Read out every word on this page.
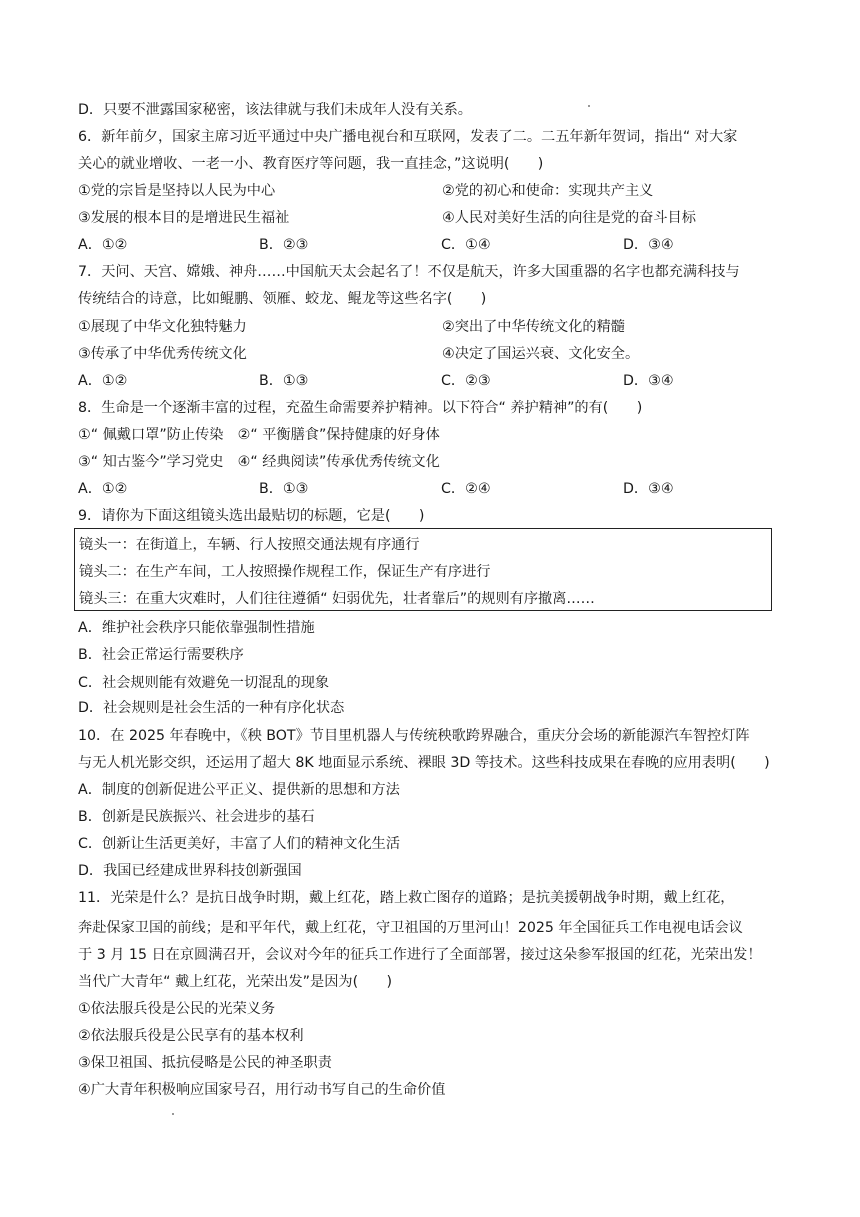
D．只要不泄露国家秘密，该法律就与我们未成年人没有关系。
6．新年前夕，国家主席习近平通过中央广播电视台和互联网，发表了二。二五年新年贺词，指出“ 对大家
关心的就业增收、一老一小、教育医疗等问题，我一直挂念，”这说明(　　)
①党的宗旨是坚持以人民为中心	②党的初心和使命：实现共产主义
③发展的根本目的是增进民生福祉	④人民对美好生活的向往是党的奋斗目标
A．①②	B．②③	C．①④	D．③④
7．天问、天宫、嫦娥、神舟……中国航天太会起名了！不仅是航天，许多大国重器的名字也都充满科技与
传统结合的诗意，比如鲲鹏、领雁、蛟龙、鲲龙等这些名字(　　)
①展现了中华文化独特魅力	②突出了中华传统文化的精髓
③传承了中华优秀传统文化	④决定了国运兴衰、文化安全。
A．①②	B．①③	C．②③	D．③④
8．生命是一个逐渐丰富的过程，充盈生命需要养护精神。以下符合“ 养护精神”的有(　　)
①“ 佩戴口罩”防止传染　②“ 平衡膳食”保持健康的好身体
③“ 知古鉴今”学习党史　④“ 经典阅读”传承优秀传统文化
A．①②	B．①③	C．②④	D．③④
9．请你为下面这组镜头选出最贴切的标题，它是(　　)
镜头一：在街道上，车辆、行人按照交通法规有序通行
镜头二：在生产车间，工人按照操作规程工作，保证生产有序进行
镜头三：在重大灾难时，人们往往遵循“ 妇弱优先，壮者靠后”的规则有序撤离……
A．维护社会秩序只能依靠强制性措施
B．社会正常运行需要秩序
C．社会规则能有效避免一切混乱的现象
D．社会规则是社会生活的一种有序化状态
10．在 2025 年春晚中，《秧 BOT》节目里机器人与传统秧歌跨界融合，重庆分会场的新能源汽车智控灯阵
与无人机光影交织，还运用了超大 8K 地面显示系统、裸眼 3D 等技术。这些科技成果在春晚的应用表明(　　)
A．制度的创新促进公平正义、提供新的思想和方法
B．创新是民族振兴、社会进步的基石
C．创新让生活更美好，丰富了人们的精神文化生活
D．我国已经建成世界科技创新强国
11．光荣是什么？是抗日战争时期，戴上红花，踏上救亡图存的道路；是抗美援朝战争时期，戴上红花，
奔赴保家卫国的前线；是和平年代，戴上红花，守卫祖国的万里河山！2025 年全国征兵工作电视电话会议
于 3 月 15 日在京圆满召开，会议对今年的征兵工作进行了全面部署，接过这朵参军报国的红花，光荣出发！
当代广大青年“ 戴上红花，光荣出发”是因为(　　)
①依法服兵役是公民的光荣义务
②依法服兵役是公民享有的基本权利
③保卫祖国、抵抗侵略是公民的神圣职责
④广大青年积极响应国家号召，用行动书写自己的生命价值
